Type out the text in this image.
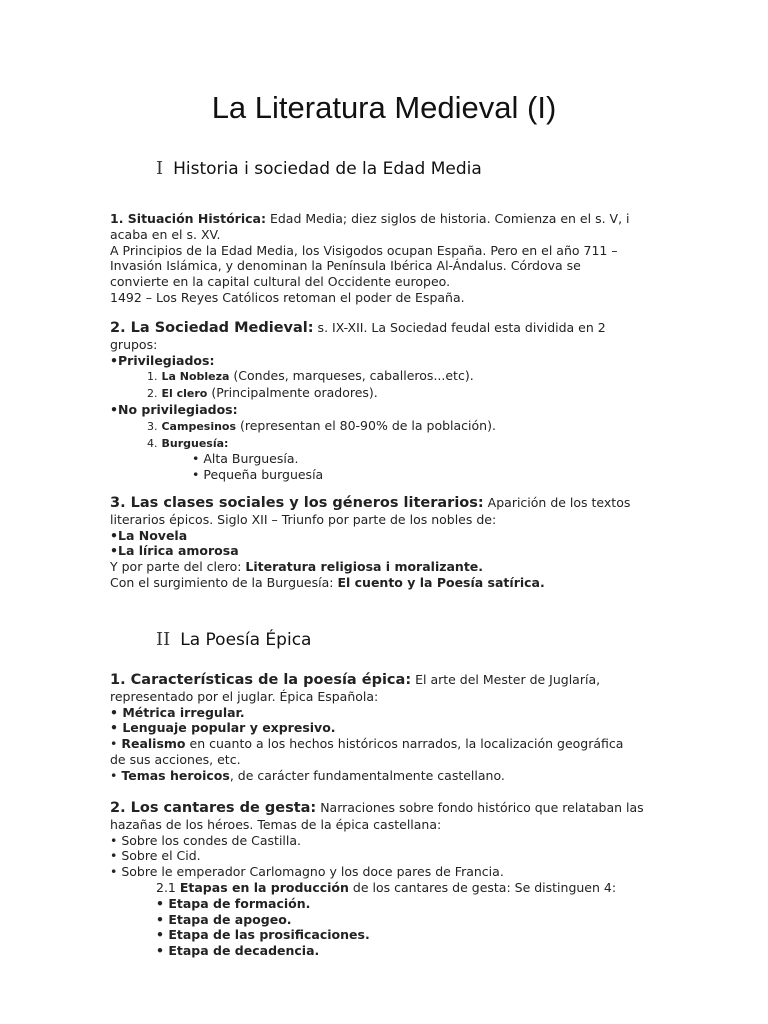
La Literatura Medieval (I)
I Historia i sociedad de la Edad Media
1. Situación Histórica: Edad Media; diez siglos de historia. Comienza en el s. V, i
acaba en el s. XV.
A Principios de la Edad Media, los Visigodos ocupan España. Pero en el año 711 –
Invasión Islámica, y denominan la Península Ibérica Al-Ándalus. Córdova se
convierte en la capital cultural del Occidente europeo.
1492 – Los Reyes Católicos retoman el poder de España.
2. La Sociedad Medieval: s. IX-XII. La Sociedad feudal esta dividida en 2
grupos:
•Privilegiados:
1. La Nobleza (Condes, marqueses, caballeros...etc).
2. El clero (Principalmente oradores).
•No privilegiados:
3. Campesinos (representan el 80-90% de la población).
4. Burguesía:
• Alta Burguesía.
• Pequeña burguesía
3. Las clases sociales y los géneros literarios: Aparición de los textos
literarios épicos. Siglo XII – Triunfo por parte de los nobles de:
•La Novela
•La lírica amorosa
Y por parte del clero: Literatura religiosa i moralizante.
Con el surgimiento de la Burguesía: El cuento y la Poesía satírica.
II La Poesía Épica
1. Características de la poesía épica: El arte del Mester de Juglaría,
representado por el juglar. Épica Española:
• Métrica irregular.
• Lenguaje popular y expresivo.
• Realismo en cuanto a los hechos históricos narrados, la localización geográfica
de sus acciones, etc.
• Temas heroicos, de carácter fundamentalmente castellano.
2. Los cantares de gesta: Narraciones sobre fondo histórico que relataban las
hazañas de los héroes. Temas de la épica castellana:
• Sobre los condes de Castilla.
• Sobre el Cid.
• Sobre le emperador Carlomagno y los doce pares de Francia.
2.1 Etapas en la producción de los cantares de gesta: Se distinguen 4:
• Etapa de formación.
• Etapa de apogeo.
• Etapa de las prosificaciones.
• Etapa de decadencia.
